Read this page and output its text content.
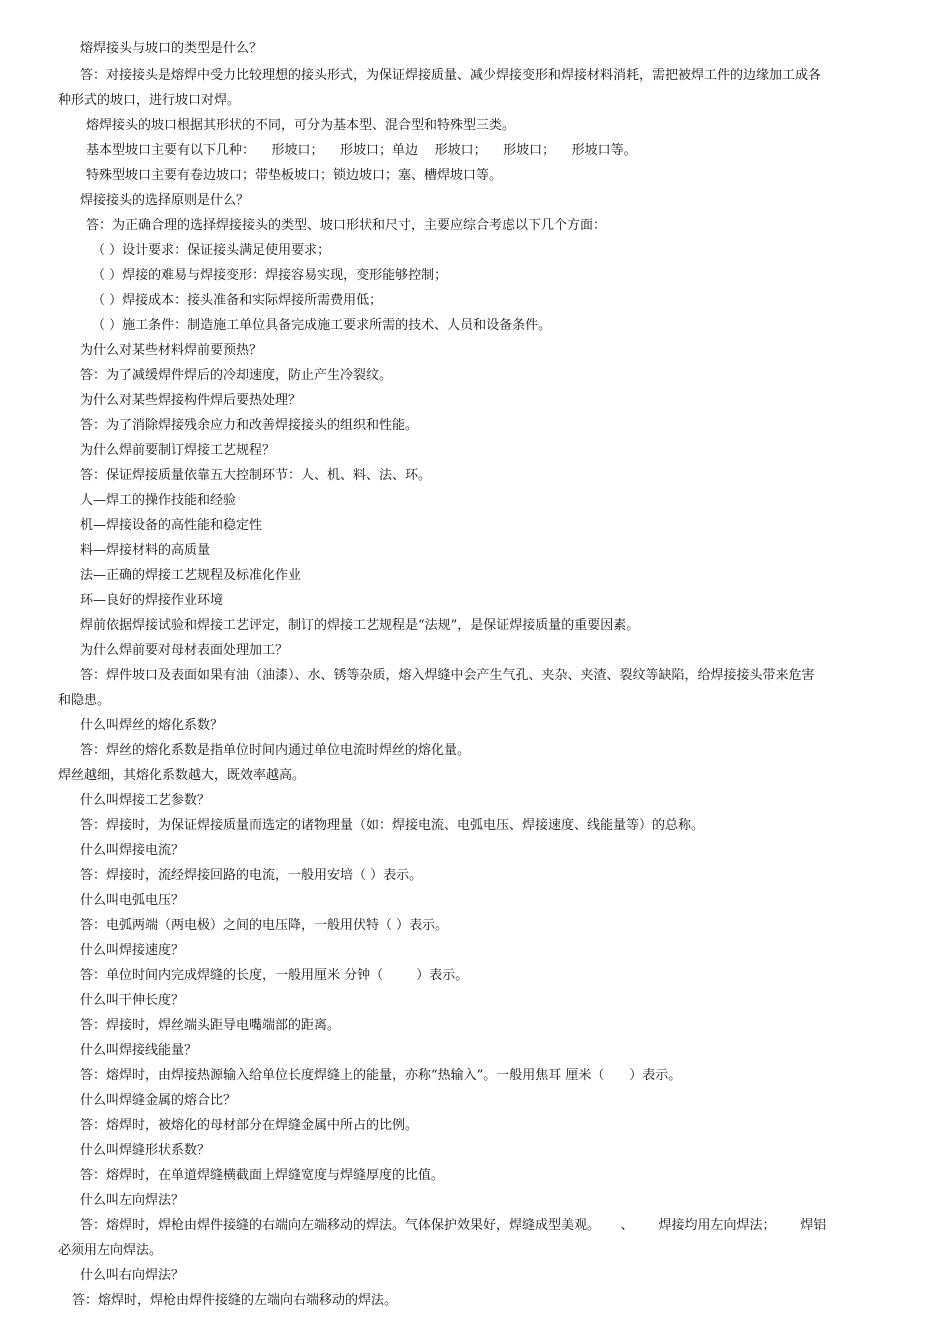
熔焊接头与坡口的类型是什么？
答：对接接头是熔焊中受力比较理想的接头形式，为保证焊接质量、减少焊接变形和焊接材料消耗，需把被焊工件的边缘加工成各
种形式的坡口，进行坡口对焊。
熔焊接头的坡口根据其形状的不同，可分为基本型、混合型和特殊型三类。
基本型坡口主要有以下几种：    形坡口；    形坡口；单边    形坡口；    形坡口；    形坡口等。
特殊型坡口主要有卷边坡口；带垫板坡口；锁边坡口；塞、槽焊坡口等。
焊接接头的选择原则是什么？
答：为正确合理的选择焊接接头的类型、坡口形状和尺寸，主要应综合考虑以下几个方面：
（ ）设计要求：保证接头满足使用要求；
（ ）焊接的难易与焊接变形：焊接容易实现，变形能够控制；
（ ）焊接成本：接头准备和实际焊接所需费用低；
（ ）施工条件：制造施工单位具备完成施工要求所需的技术、人员和设备条件。
为什么对某些材料焊前要预热？
答：为了减缓焊件焊后的冷却速度，防止产生冷裂纹。
为什么对某些焊接构件焊后要热处理？
答：为了消除焊接残余应力和改善焊接接头的组织和性能。
为什么焊前要制订焊接工艺规程？
答：保证焊接质量依靠五大控制环节：人、机、料、法、环。
人—焊工的操作技能和经验
机—焊接设备的高性能和稳定性
料—焊接材料的高质量
法—正确的焊接工艺规程及标准化作业
环—良好的焊接作业环境
焊前依据焊接试验和焊接工艺评定，制订的焊接工艺规程是“法规”，是保证焊接质量的重要因素。
为什么焊前要对母材表面处理加工？
答：焊件坡口及表面如果有油（油漆）、水、锈等杂质，熔入焊缝中会产生气孔、夹杂、夹渣、裂纹等缺陷，给焊接接头带来危害
和隐患。
什么叫焊丝的熔化系数？
答：焊丝的熔化系数是指单位时间内通过单位电流时焊丝的熔化量。
焊丝越细，其熔化系数越大，既效率越高。
什么叫焊接工艺参数？
答：焊接时，为保证焊接质量而选定的诸物理量（如：焊接电流、电弧电压、焊接速度、线能量等）的总称。
什么叫焊接电流？
答：焊接时，流经焊接回路的电流，一般用安培（ ）表示。
什么叫电弧电压？
答：电弧两端（两电极）之间的电压降，一般用伏特（ ）表示。
什么叫焊接速度？
答：单位时间内完成焊缝的长度，一般用厘米 分钟（        ）表示。
什么叫干伸长度？
答：焊接时，焊丝端头距导电嘴端部的距离。
什么叫焊接线能量？
答：熔焊时，由焊接热源输入给单位长度焊缝上的能量，亦称“热输入”。一般用焦耳 厘米（      ）表示。
什么叫焊缝金属的熔合比？
答：熔焊时，被熔化的母材部分在焊缝金属中所占的比例。
什么叫焊缝形状系数？
答：熔焊时，在单道焊缝横截面上焊缝宽度与焊缝厚度的比值。
什么叫左向焊法？
答：熔焊时，焊枪由焊件接缝的右端向左端移动的焊法。气体保护效果好，焊缝成型美观。     、      焊接均用左向焊法；      焊铝
必须用左向焊法。
什么叫右向焊法？
答：熔焊时，焊枪由焊件接缝的左端向右端移动的焊法。
